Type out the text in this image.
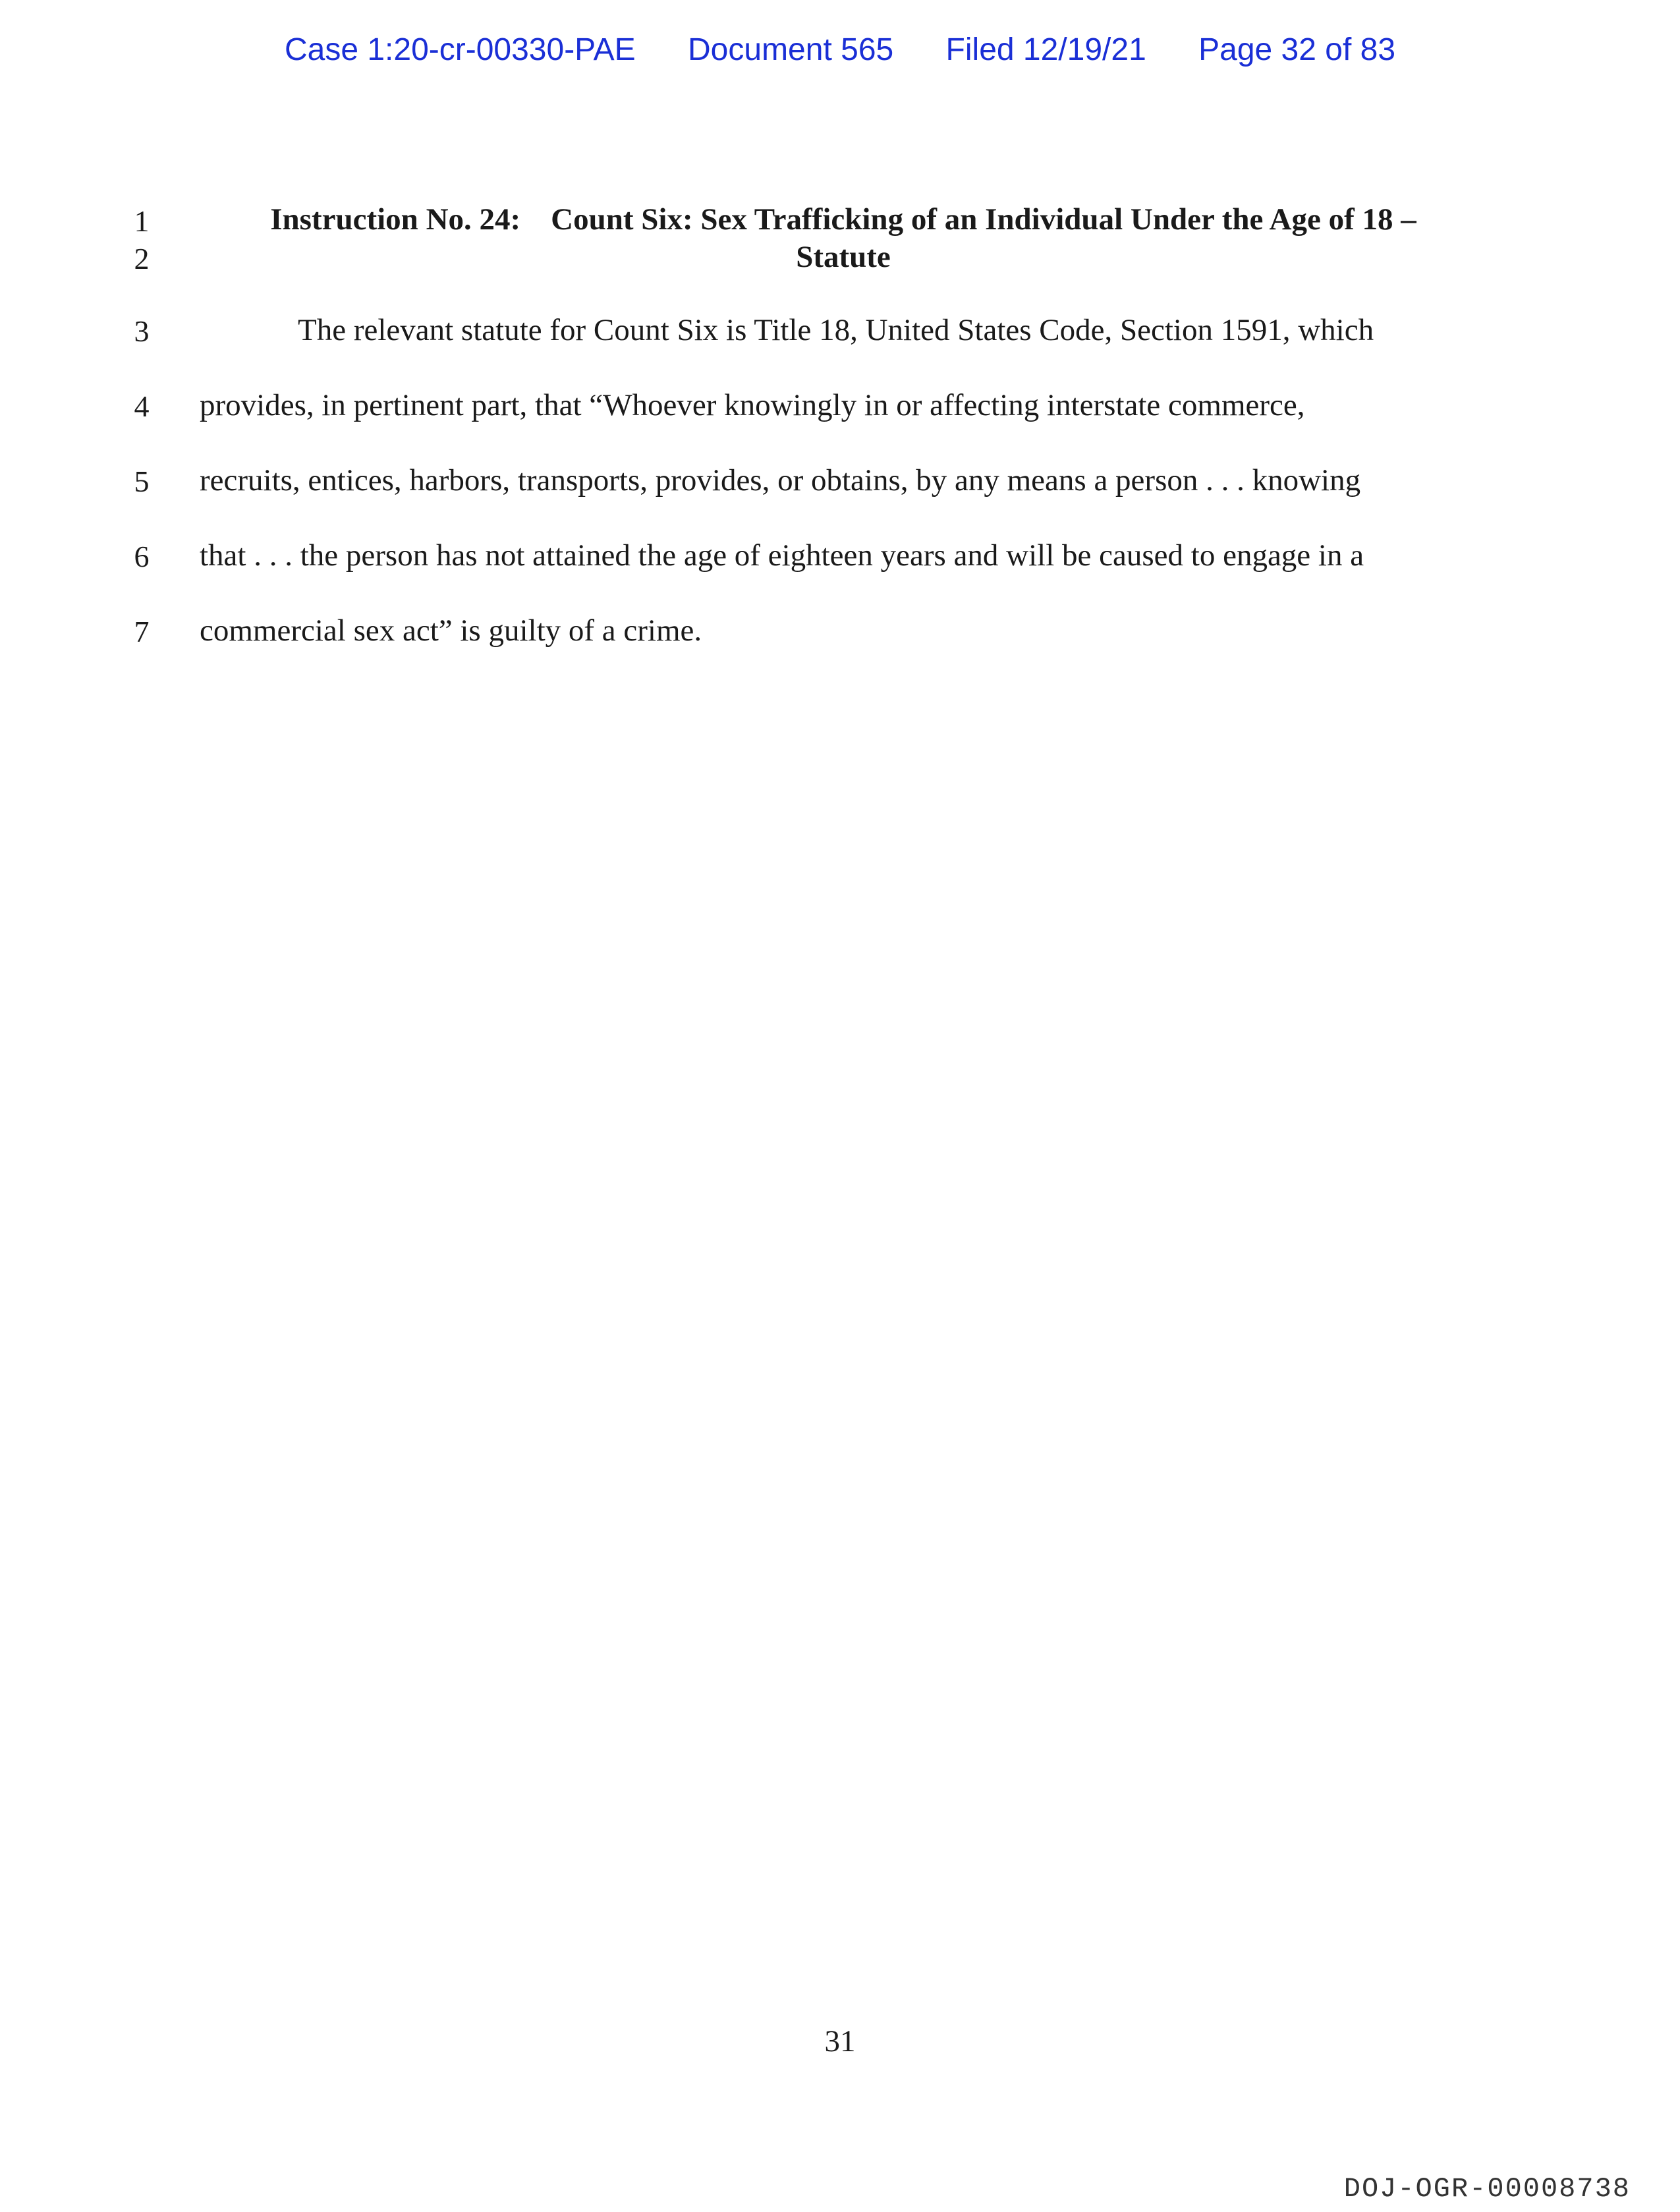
Case 1:20-cr-00330-PAE Document 565 Filed 12/19/21 Page 32 of 83
1
2
3
4
5
6
7
Instruction No. 24: Count Six: Sex Trafficking of an Individual Under the Age of 18 –
Statute
The relevant statute for Count Six is Title 18, United States Code, Section 1591, which
provides, in pertinent part, that “Whoever knowingly in or affecting interstate commerce,
recruits, entices, harbors, transports, provides, or obtains, by any means a person . . . knowing
that . . . the person has not attained the age of eighteen years and will be caused to engage in a
commercial sex act” is guilty of a crime.
31
DOJ-OGR-00008738
